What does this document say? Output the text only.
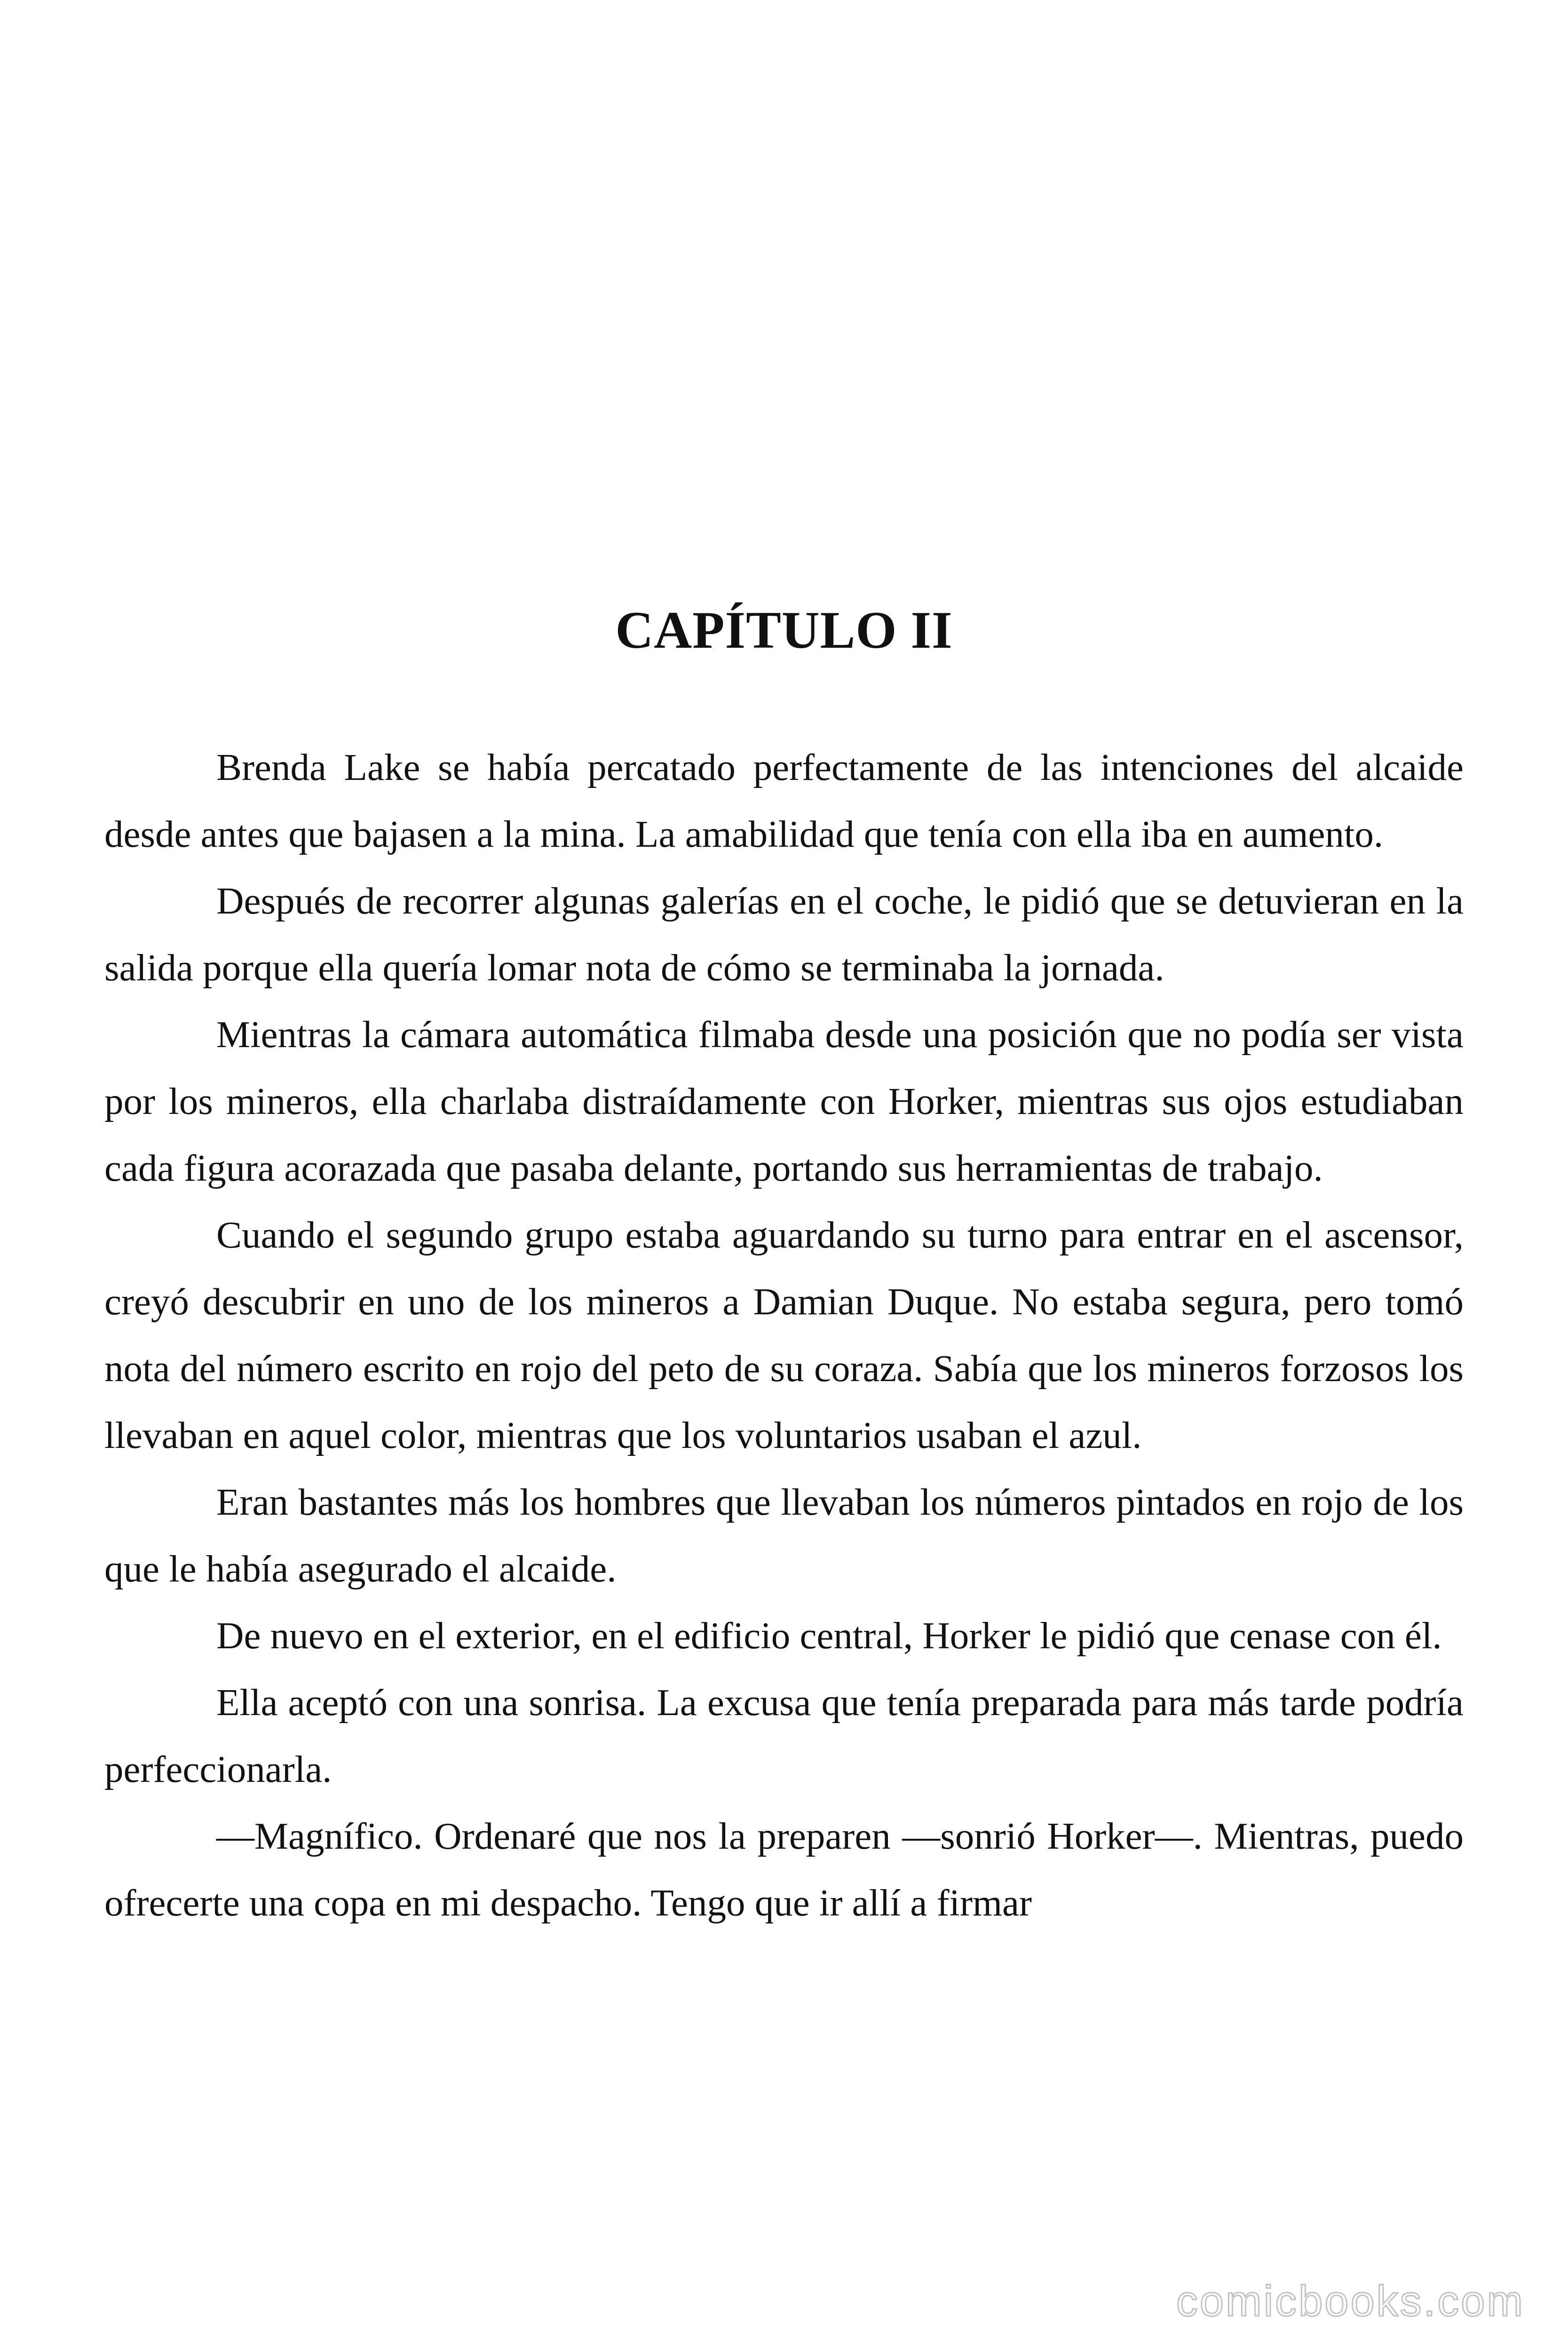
CAPÍTULO II

Brenda Lake se había percatado perfectamente de las intenciones del alcaide desde antes que bajasen a la mina. La amabilidad que tenía con ella iba en aumento.

Después de recorrer algunas galerías en el coche, le pidió que se detuvieran en la salida porque ella quería lomar nota de cómo se terminaba la jornada.

Mientras la cámara automática filmaba desde una posición que no podía ser vista por los mineros, ella charlaba distraídamente con Horker, mientras sus ojos estudiaban cada figura acorazada que pasaba delante, portando sus herramientas de trabajo.

Cuando el segundo grupo estaba aguardando su turno para entrar en el ascensor, creyó descubrir en uno de los mineros a Damian Duque. No estaba segura, pero tomó nota del número escrito en rojo del peto de su coraza. Sabía que los mineros forzosos los llevaban en aquel color, mientras que los voluntarios usaban el azul.

Eran bastantes más los hombres que llevaban los números pintados en rojo de los que le había asegurado el alcaide.

De nuevo en el exterior, en el edificio central, Horker le pidió que cenase con él.

Ella aceptó con una sonrisa. La excusa que tenía preparada para más tarde podría perfeccionarla.

—Magnífico. Ordenaré que nos la preparen —sonrió Horker—. Mientras, puedo ofrecerte una copa en mi despacho. Tengo que ir allí a firmar

comicbooks.com
